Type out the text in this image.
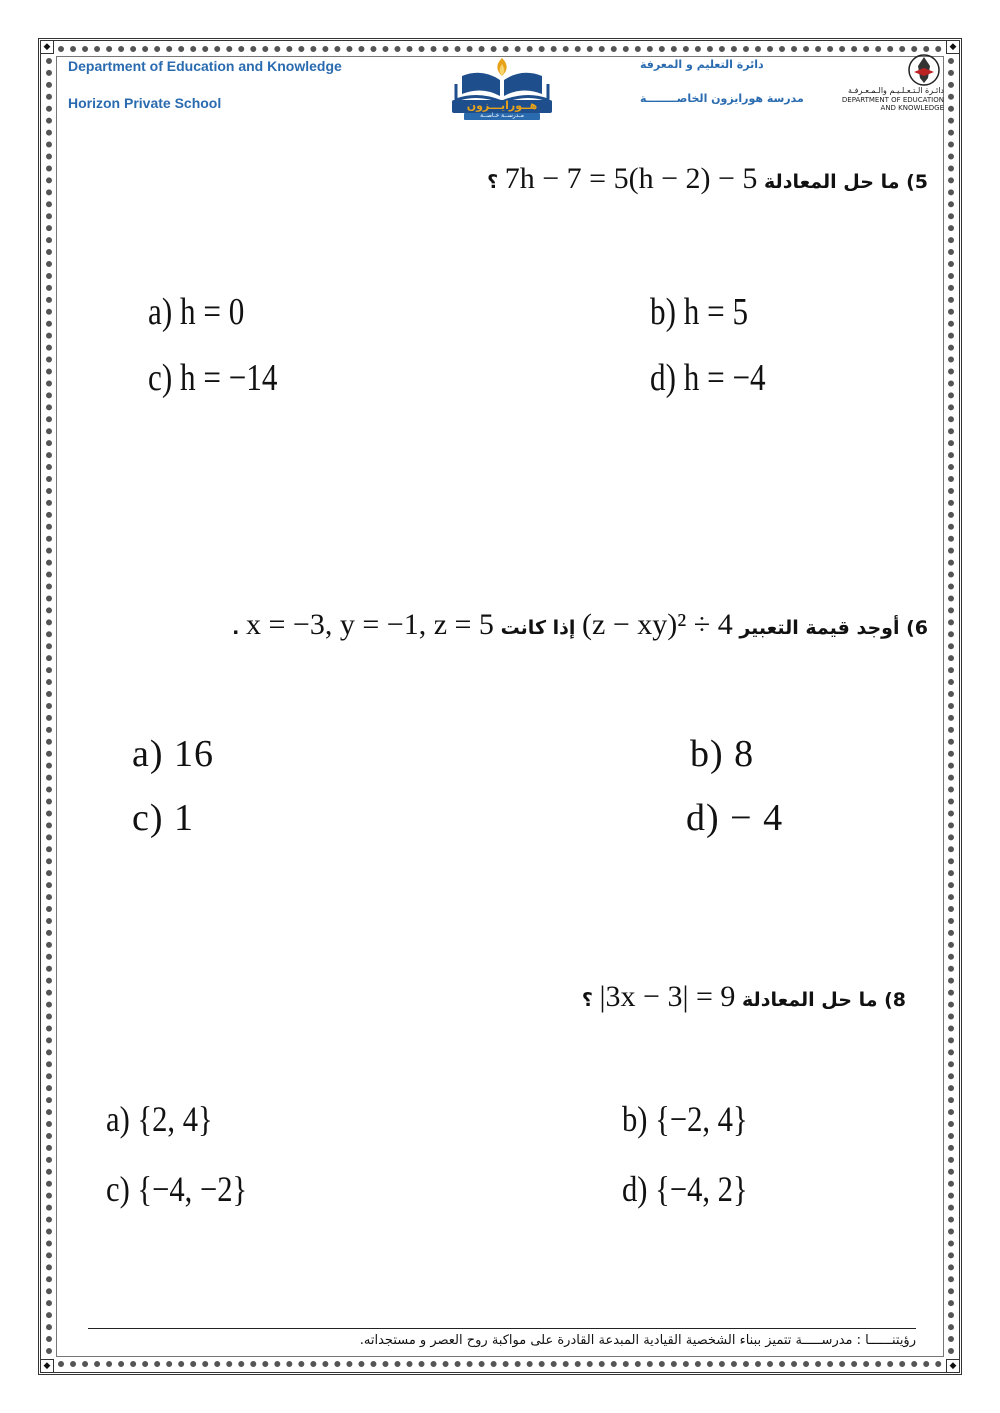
◆	◆
◆	◆
Department of Education and Knowledge
Horizon Private School
دائرة التعليم و المعرفة
مدرسة هورايزون الخاصــــــــة
هــورايـــزون
مـدرســة خـاصــة
دائـرة الـتـعـلـيـم والـمـعـرفـة
DEPARTMENT OF EDUCATION
AND KNOWLEDGE
5) ما حل المعادلة 7h − 7 = 5(h − 2) − 5 ؟
a) h = 0	b) h = 5
c) h = −14	d) h = −4
6) أوجد قيمة التعبير (z − xy)² ÷ 4 إذا كانت x = −3, y = −1, z = 5 .
a) 16	b) 8
c) 1	d) − 4
8) ما حل المعادلة |3x − 3| = 9 ؟
a) {2, 4}	b) {−2, 4}
c) {−4, −2}	d) {−4, 2}
رؤيتنــــــا : مدرســـــة تتميز ببناء الشخصية القيادية المبدعة القادرة على مواكبة روح العصر و مستجداته.
